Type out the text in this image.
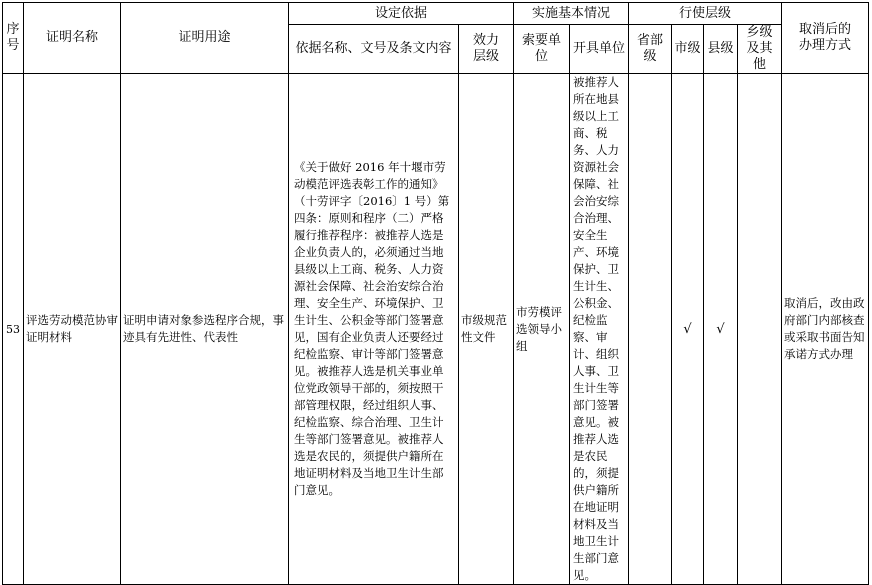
序号	证明名称	证明用途	设定依据		实施基本情况		行使层级				取消后的办理方式
			依据名称、文号及条文内容	效力层级	索要单位	开具单位	省部级	市级	县级	乡级及其他	
53	评选劳动模范协审证明材料	证明申请对象参选程序合规，事迹具有先进性、代表性	《关于做好 2016 年十堰市劳动模范评选表彰工作的通知》（十劳评字〔2016〕1 号）第四条：原则和程序（二）严格履行推荐程序：被推荐人选是企业负责人的，必须通过当地县级以上工商、税务、人力资源社会保障、社会治安综合治理、安全生产、环境保护、卫生计生、公积金等部门签署意见，国有企业负责人还要经过纪检监察、审计等部门签署意见。被推荐人选是机关事业单位党政领导干部的，须按照干部管理权限，经过组织人事、纪检监察、综合治理、卫生计生等部门签署意见。被推荐人选是农民的，须提供户籍所在地证明材料及当地卫生计生部门意见。	市级规范性文件	市劳模评选领导小组	被推荐人所在地县级以上工商、税务、人力资源社会保障、社会治安综合治理、安全生产、环境保护、卫生计生、公积金、纪检监察、审计、组织人事、卫生计生等部门签署意见。被推荐人选是农民的，须提供户籍所在地证明材料及当地卫生计生部门意见。		√	√		取消后，改由政府部门内部核查或采取书面告知承诺方式办理
